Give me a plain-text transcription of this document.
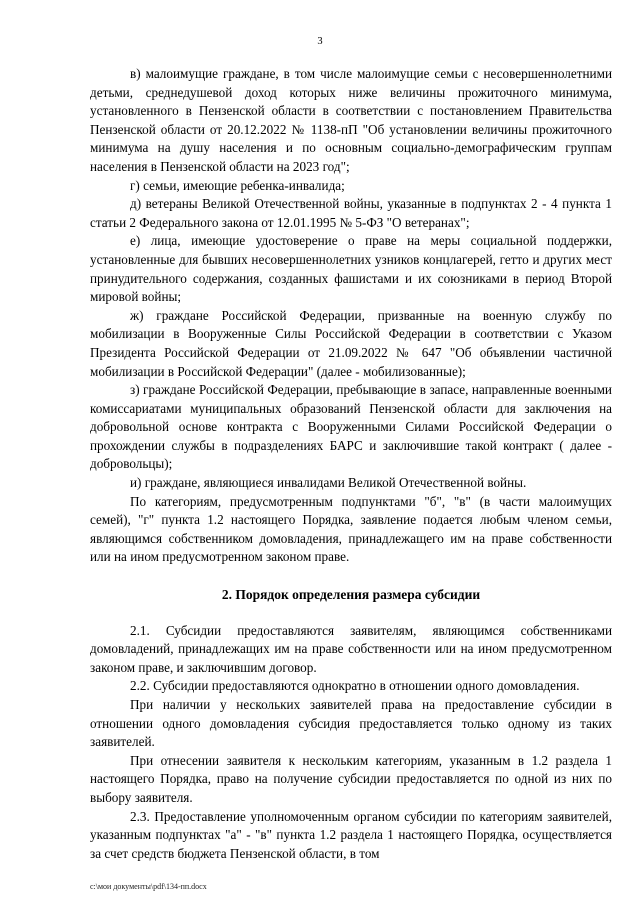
3

в) малоимущие граждане, в том числе малоимущие семьи с несовершеннолетними детьми, среднедушевой доход которых ниже величины прожиточного минимума, установленного в Пензенской области в соответствии с постановлением Правительства Пензенской области от 20.12.2022 № 1138-пП "Об установлении величины прожиточного минимума на душу населения и по основным социально-демографическим группам населения в Пензенской области на 2023 год";

г) семьи, имеющие ребенка-инвалида;

д) ветераны Великой Отечественной войны, указанные в подпунктах 2 - 4 пункта 1 статьи 2 Федерального закона от 12.01.1995 № 5-ФЗ "О ветеранах";

е) лица, имеющие удостоверение о праве на меры социальной поддержки, установленные для бывших несовершеннолетних узников концлагерей, гетто и других мест принудительного содержания, созданных фашистами и их союзниками в период Второй мировой войны;

ж) граждане Российской Федерации, призванные на военную службу по мобилизации в Вооруженные Силы Российской Федерации в соответствии с Указом Президента Российской Федерации от 21.09.2022 № 647 "Об объявлении частичной мобилизации в Российской Федерации" (далее - мобилизованные);

з) граждане Российской Федерации, пребывающие в запасе, направленные военными комиссариатами муниципальных образований Пензенской области для заключения на добровольной основе контракта с Вооруженными Силами Российской Федерации о прохождении службы в подразделениях БАРС и заключившие такой контракт ( далее - добровольцы);

и) граждане, являющиеся инвалидами Великой Отечественной войны.

По категориям, предусмотренным подпунктами "б", "в" (в части малоимущих семей), "г" пункта 1.2 настоящего Порядка, заявление подается любым членом семьи, являющимся собственником домовладения, принадлежащего им на праве собственности или на ином предусмотренном законом праве.

2. Порядок определения размера субсидии

2.1. Субсидии предоставляются заявителям, являющимся собственниками домовладений, принадлежащих им на праве собственности или на ином предусмотренном законом праве, и заключившим договор.

2.2. Субсидии предоставляются однократно в отношении одного домовладения.

При наличии у нескольких заявителей права на предоставление субсидии в отношении одного домовладения субсидия предоставляется только одному из таких заявителей.

При отнесении заявителя к нескольким категориям, указанным в 1.2 раздела 1 настоящего Порядка, право на получение субсидии предоставляется по одной из них по выбору заявителя.

2.3. Предоставление уполномоченным органом субсидии по категориям заявителей, указанным подпунктах "а" - "в" пункта 1.2 раздела 1 настоящего Порядка, осуществляется за счет средств бюджета Пензенской области, в том

c:\мои документы\pdf\134-пп.docx
